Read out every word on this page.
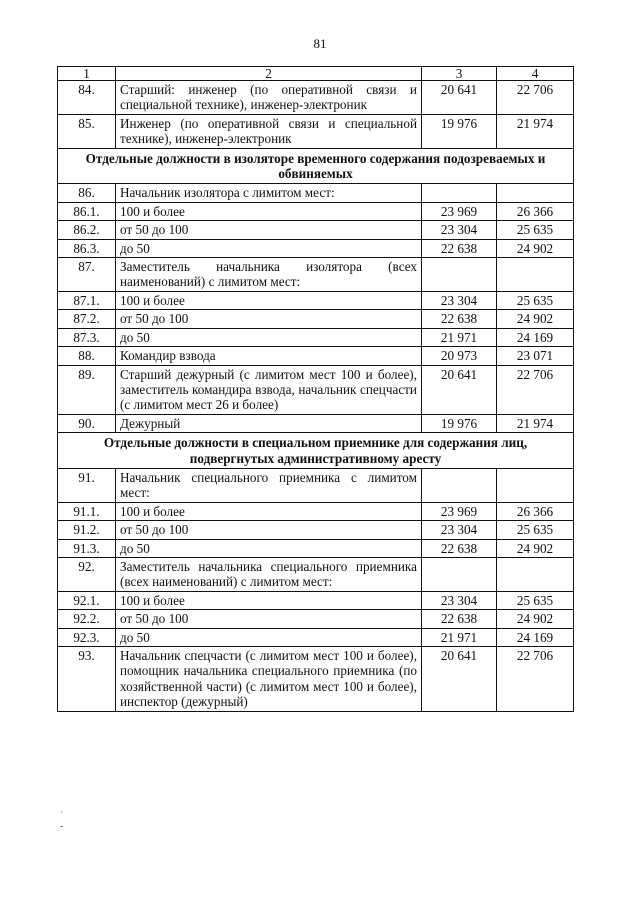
81
1	2	3	4
84.	Старший: инженер (по оперативной связи и специальной технике), инженер-электроник	20 641	22 706
85.	Инженер (по оперативной связи и специальной технике), инженер-электроник	19 976	21 974
Отдельные должности в изоляторе временного содержания подозреваемых и обвиняемых			
86.	Начальник изолятора с лимитом мест:		
86.1.	100 и более	23 969	26 366
86.2.	от 50 до 100	23 304	25 635
86.3.	до 50	22 638	24 902
87.	Заместитель начальника изолятора (всех наименований) с лимитом мест:		
87.1.	100 и более	23 304	25 635
87.2.	от 50 до 100	22 638	24 902
87.3.	до 50	21 971	24 169
88.	Командир взвода	20 973	23 071
89.	Старший дежурный (с лимитом мест 100 и более), заместитель командира взвода, начальник спецчасти (с лимитом мест 26 и более)	20 641	22 706
90.	Дежурный	19 976	21 974
Отдельные должности в специальном приемнике для содержания лиц, подвергнутых административному аресту			
91.	Начальник специального приемника с лимитом мест:		
91.1.	100 и более	23 969	26 366
91.2.	от 50 до 100	23 304	25 635
91.3.	до 50	22 638	24 902
92.	Заместитель начальника специального приемника (всех наименований) с лимитом мест:		
92.1.	100 и более	23 304	25 635
92.2.	от 50 до 100	22 638	24 902
92.3.	до 50	21 971	24 169
93.	Начальник спецчасти (с лимитом мест 100 и более), помощник начальника специального приемника (по хозяйственной части) (с лимитом мест 100 и более), инспектор (дежурный)	20 641	22 706
`
-
